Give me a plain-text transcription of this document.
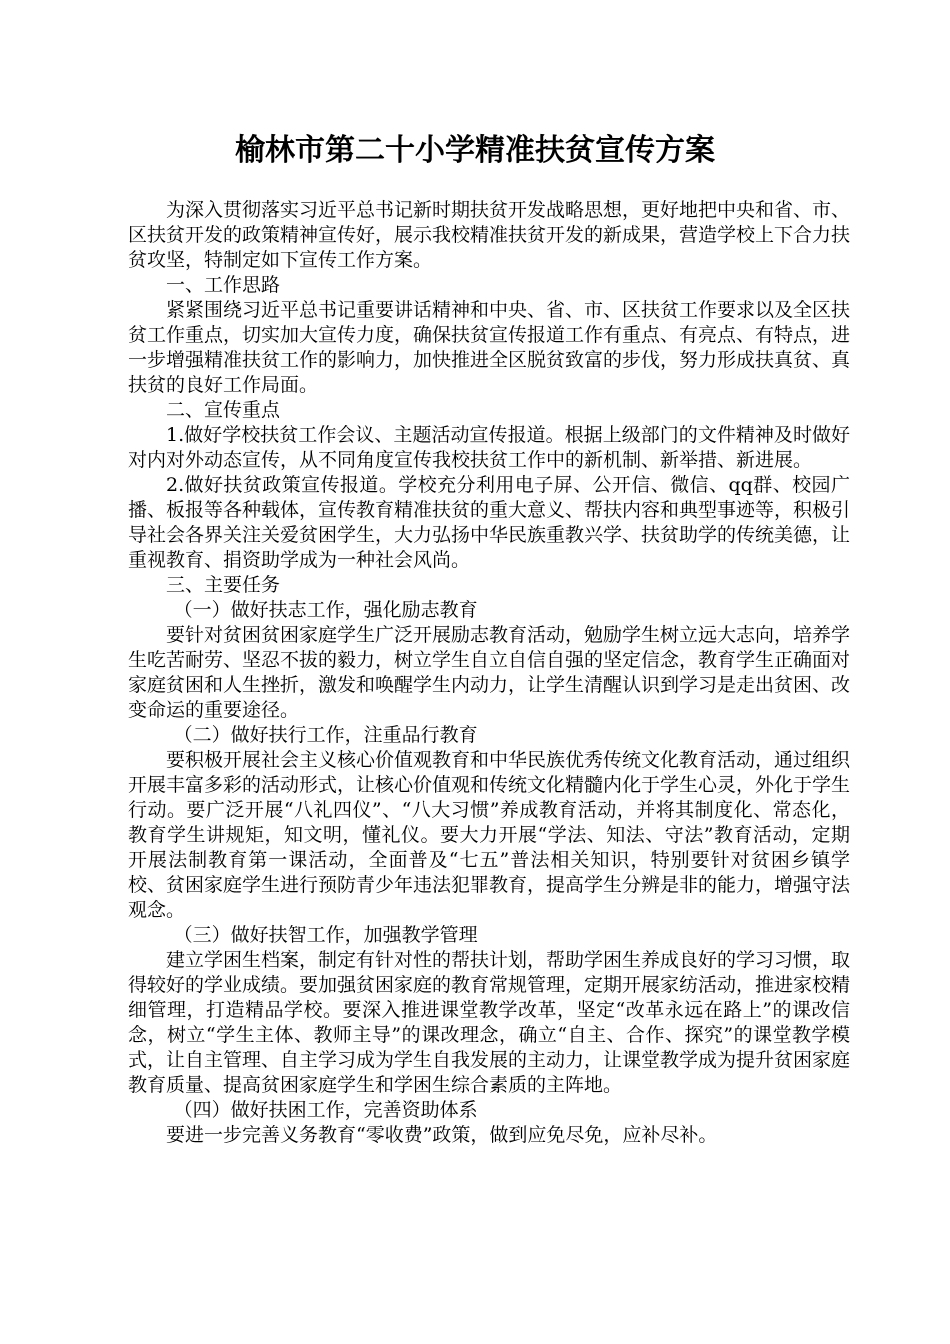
榆林市第二十小学精准扶贫宣传方案

为深入贯彻落实习近平总书记新时期扶贫开发战略思想，更好地把中央和省、市、区扶贫开发的政策精神宣传好，展示我校精准扶贫开发的新成果，营造学校上下合力扶贫攻坚，特制定如下宣传工作方案。

一、工作思路

紧紧围绕习近平总书记重要讲话精神和中央、省、市、区扶贫工作要求以及全区扶贫工作重点，切实加大宣传力度，确保扶贫宣传报道工作有重点、有亮点、有特点，进一步增强精准扶贫工作的影响力，加快推进全区脱贫致富的步伐，努力形成扶真贫、真扶贫的良好工作局面。

二、宣传重点

1.做好学校扶贫工作会议、主题活动宣传报道。根据上级部门的文件精神及时做好对内对外动态宣传，从不同角度宣传我校扶贫工作中的新机制、新举措、新进展。

2.做好扶贫政策宣传报道。学校充分利用电子屏、公开信、微信、qq群、校园广播、板报等各种载体，宣传教育精准扶贫的重大意义、帮扶内容和典型事迹等，积极引导社会各界关注关爱贫困学生，大力弘扬中华民族重教兴学、扶贫助学的传统美德，让重视教育、捐资助学成为一种社会风尚。

三、主要任务

（一）做好扶志工作，强化励志教育

要针对贫困贫困家庭学生广泛开展励志教育活动，勉励学生树立远大志向，培养学生吃苦耐劳、坚忍不拔的毅力，树立学生自立自信自强的坚定信念，教育学生正确面对家庭贫困和人生挫折，激发和唤醒学生内动力，让学生清醒认识到学习是走出贫困、改变命运的重要途径。

（二）做好扶行工作，注重品行教育

要积极开展社会主义核心价值观教育和中华民族优秀传统文化教育活动，通过组织开展丰富多彩的活动形式，让核心价值观和传统文化精髓内化于学生心灵，外化于学生行动。要广泛开展“八礼四仪”、“八大习惯”养成教育活动，并将其制度化、常态化，教育学生讲规矩，知文明，懂礼仪。要大力开展“学法、知法、守法”教育活动，定期开展法制教育第一课活动，全面普及“七五”普法相关知识，特别要针对贫困乡镇学校、贫困家庭学生进行预防青少年违法犯罪教育，提高学生分辨是非的能力，增强守法观念。

（三）做好扶智工作，加强教学管理

建立学困生档案，制定有针对性的帮扶计划，帮助学困生养成良好的学习习惯，取得较好的学业成绩。要加强贫困家庭的教育常规管理，定期开展家纺活动，推进家校精细管理，打造精品学校。要深入推进课堂教学改革，坚定“改革永远在路上”的课改信念，树立“学生主体、教师主导”的课改理念，确立“自主、合作、探究”的课堂教学模式，让自主管理、自主学习成为学生自我发展的主动力，让课堂教学成为提升贫困家庭教育质量、提高贫困家庭学生和学困生综合素质的主阵地。

（四）做好扶困工作，完善资助体系

要进一步完善义务教育“零收费”政策，做到应免尽免，应补尽补。
